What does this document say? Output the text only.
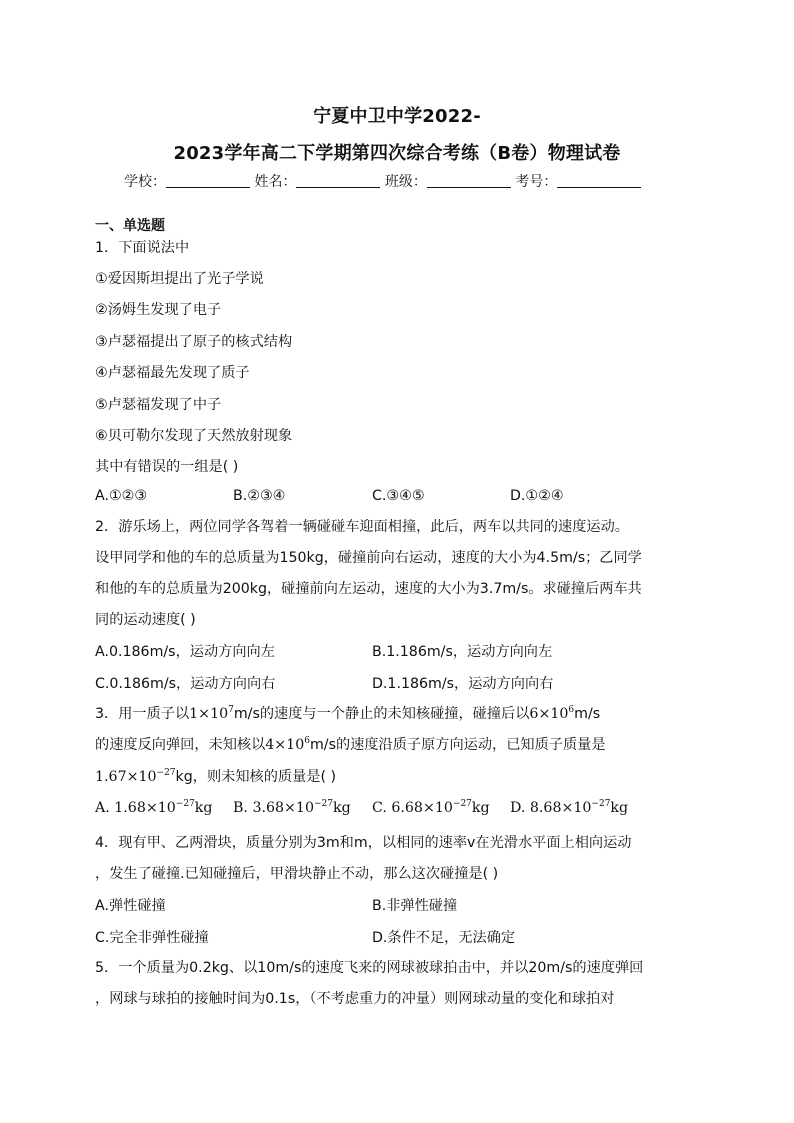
宁夏中卫中学2022-
2023学年高二下学期第四次综合考练（B卷）物理试卷
学校：	姓名：	班级：	考号：
一、单选题
1．下面说法中
①爱因斯坦提出了光子学说
②汤姆生发现了电子
③卢瑟福提出了原子的核式结构
④卢瑟福最先发现了质子
⑤卢瑟福发现了中子
⑥贝可勒尔发现了天然放射现象
其中有错误的一组是( )
A.①②③	B.②③④	C.③④⑤	D.①②④
2．游乐场上，两位同学各驾着一辆碰碰车迎面相撞，此后，两车以共同的速度运动。
设甲同学和他的车的总质量为150kg，碰撞前向右运动，速度的大小为4.5m/s；乙同学
和他的车的总质量为200kg，碰撞前向左运动，速度的大小为3.7m/s。求碰撞后两车共
同的运动速度( )
A.0.186m/s，运动方向向左	B.1.186m/s，运动方向向左
C.0.186m/s，运动方向向右	D.1.186m/s，运动方向向右
3．用一质子以$1\times 10^7m/s$的速度与一个静止的未知核碰撞，碰撞后以$6\times 10^6m/s$
的速度反向弹回，未知核以$4\times 10^6m/s$的速度沿质子原方向运动，已知质子质量是
$1.67\times 10^{-27}kg$，则未知核的质量是( )
A. $1.68\times 10^{-27}kg$ B. $3.68\times 10^{-27}kg$ C. $6.68\times 10^{-27}kg$ D. $8.68\times 10^{-27}kg$
4．现有甲、乙两滑块，质量分别为3m和m，以相同的速率v在光滑水平面上相向运动
，发生了碰撞.已知碰撞后，甲滑块静止不动，那么这次碰撞是( )
A.弹性碰撞	B.非弹性碰撞
C.完全非弹性碰撞	D.条件不足，无法确定
5．一个质量为0.2kg、以10m/s的速度飞来的网球被球拍击中，并以20m/s的速度弹回
，网球与球拍的接触时间为0.1s，（不考虑重力的冲量）则网球动量的变化和球拍对
